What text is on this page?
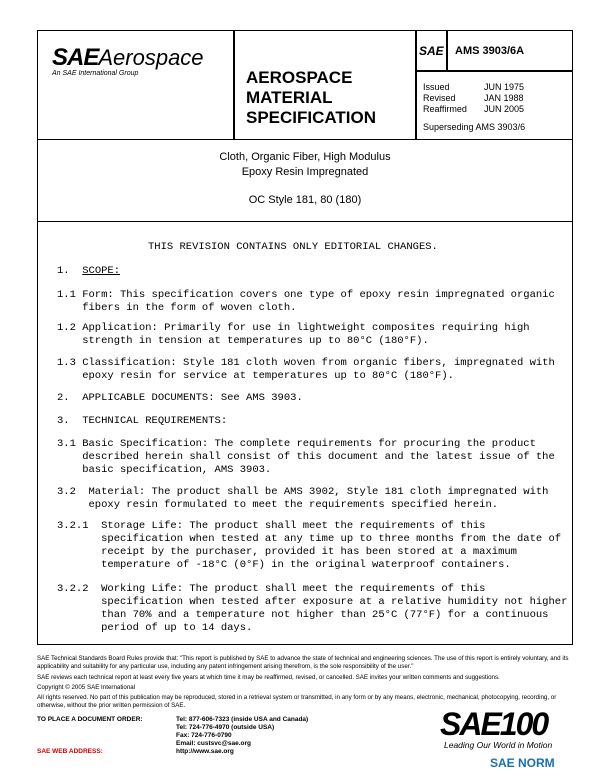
SAEAerospace
An SAE International Group	AEROSPACE
MATERIAL
SPECIFICATION
SAE AMS 3903/6A
Issued
Revised
Reaffirmed
JUN 1975
JAN 1988
JUN 2005
Superseding AMS 3903/6
Cloth, Organic Fiber, High Modulus
Epoxy Resin Impregnated
OC Style 181, 80 (180)
THIS REVISION CONTAINS ONLY EDITORIAL CHANGES.
1. SCOPE:
1.1 Form: This specification covers one type of epoxy resin impregnated organic
fibers in the form of woven cloth.
1.2 Application: Primarily for use in lightweight composites requiring high
strength in tension at temperatures up to 80°C (180°F).
1.3 Classification: Style 181 cloth woven from organic fibers, impregnated with
epoxy resin for service at temperatures up to 80°C (180°F).
2.  APPLICABLE DOCUMENTS: See AMS 3903.
3.  TECHNICAL REQUIREMENTS:
3.1 Basic Specification: The complete requirements for procuring the product
described herein shall consist of this document and the latest issue of the
basic specification, AMS 3903.
3.2  Material: The product shall be AMS 3902, Style 181 cloth impregnated with
epoxy resin formulated to meet the requirements specified herein.
3.2.1  Storage Life: The product shall meet the requirements of this
specification when tested at any time up to three months from the date of
receipt by the purchaser, provided it has been stored at a maximum
temperature of -18°C (0°F) in the original waterproof containers.
3.2.2  Working Life: The product shall meet the requirements of this
specification when tested after exposure at a relative humidity not higher
than 70% and a temperature not higher than 25°C (77°F) for a continuous
period of up to 14 days.
SAE Technical Standards Board Rules provide that: "This report is published by SAE to advance the state of technical and engineering sciences. The use of this report is entirely voluntary, and its applicability and suitability for any particular use, including any patent infringement arising therefrom, is the sole responsibility of the user."
SAE reviews each technical report at least every five years at which time it may be reaffirmed, revised, or cancelled. SAE invites your written comments and suggestions.
Copyright © 2005 SAE International
All rights reserved. No part of this publication may be reproduced, stored in a retrieval system or transmitted, in any form or by any means, electronic, mechanical, photocopying, recording, or otherwise, without the prior written permission of SAE.
TO PLACE A DOCUMENT ORDER:	Tel: 877-606-7323 (inside USA and Canada)
Tel: 724-776-4970 (outside USA)
Fax: 724-776-0790
Email: custsvc@sae.org
http://www.sae.org
SAE WEB ADDRESS:
SAE100
Leading Our World in Motion
SAE NORM
